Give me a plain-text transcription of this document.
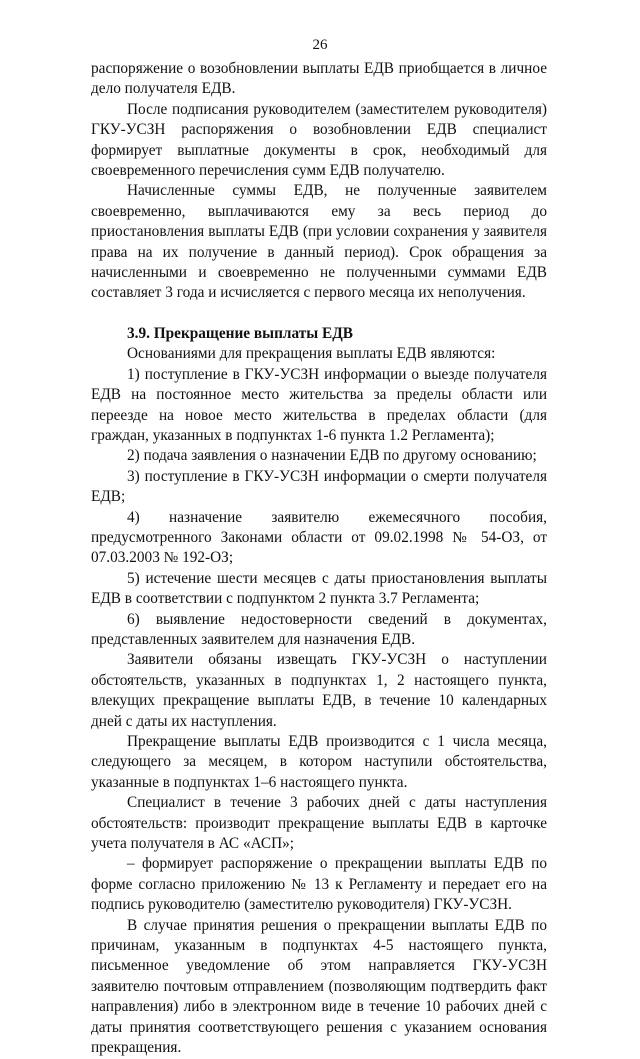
26

распоряжение о возобновлении выплаты ЕДВ приобщается в личное дело получателя ЕДВ.

После подписания руководителем (заместителем руководителя) ГКУ-УСЗН распоряжения о возобновлении ЕДВ специалист формирует выплатные документы в срок, необходимый для своевременного перечисления сумм ЕДВ получателю.

Начисленные суммы ЕДВ, не полученные заявителем своевременно, выплачиваются ему за весь период до приостановления выплаты ЕДВ (при условии сохранения у заявителя права на их получение в данный период). Срок обращения за начисленными и своевременно не полученными суммами ЕДВ составляет 3 года и исчисляется с первого месяца их неполучения.

3.9. Прекращение выплаты ЕДВ

Основаниями для прекращения выплаты ЕДВ являются:

1) поступление в ГКУ-УСЗН информации о выезде получателя ЕДВ на постоянное место жительства за пределы области или переезде на новое место жительства в пределах области (для граждан, указанных в подпунктах 1-6 пункта 1.2 Регламента);

2) подача заявления о назначении ЕДВ по другому основанию;

3) поступление в ГКУ-УСЗН информации о смерти получателя ЕДВ;

4) назначение заявителю ежемесячного пособия, предусмотренного Законами области от 09.02.1998 № 54-ОЗ, от 07.03.2003 № 192-ОЗ;

5) истечение шести месяцев с даты приостановления выплаты ЕДВ в соответствии с подпунктом 2 пункта 3.7 Регламента;

6) выявление недостоверности сведений в документах, представленных заявителем для назначения ЕДВ.

Заявители обязаны извещать ГКУ-УСЗН о наступлении обстоятельств, указанных в подпунктах 1, 2 настоящего пункта, влекущих прекращение выплаты ЕДВ, в течение 10 календарных дней с даты их наступления.

Прекращение выплаты ЕДВ производится с 1 числа месяца, следующего за месяцем, в котором наступили обстоятельства, указанные в подпунктах 1–6 настоящего пункта.

Специалист в течение 3 рабочих дней с даты наступления обстоятельств: производит прекращение выплаты ЕДВ в карточке учета получателя в АС «АСП»;

– формирует распоряжение о прекращении выплаты ЕДВ по форме согласно приложению № 13 к Регламенту и передает его на подпись руководителю (заместителю руководителя) ГКУ-УСЗН.

В случае принятия решения о прекращении выплаты ЕДВ по причинам, указанным в подпунктах 4-5 настоящего пункта, письменное уведомление об этом направляется ГКУ-УСЗН заявителю почтовым отправлением (позволяющим подтвердить факт направления) либо в электронном виде в течение 10 рабочих дней с даты принятия соответствующего решения с указанием основания прекращения.
